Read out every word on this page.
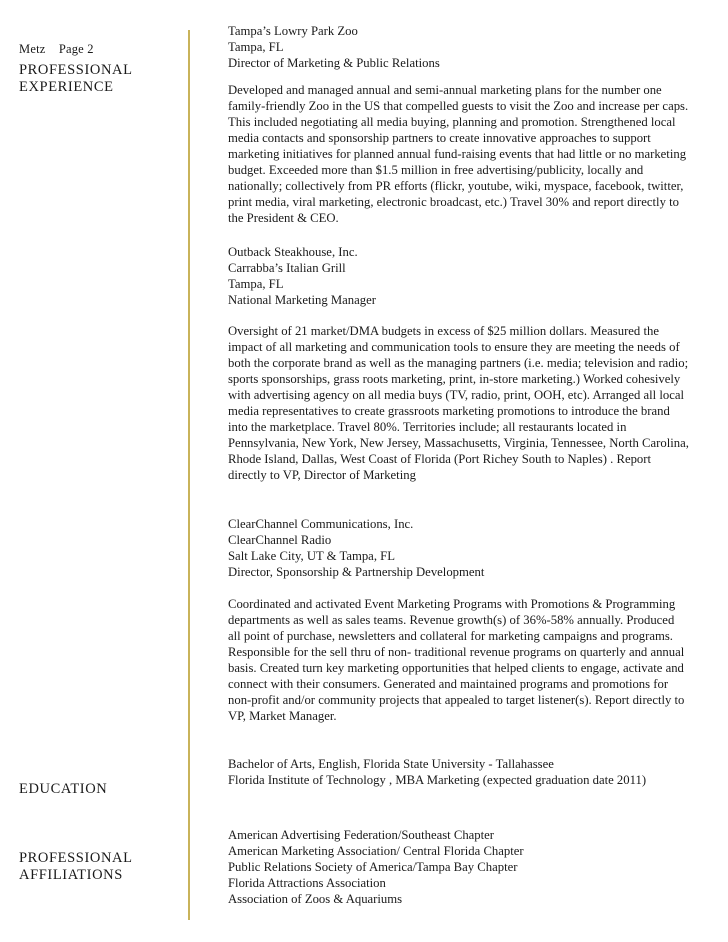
Metz Page 2
PROFESSIONAL
EXPERIENCE
EDUCATION
PROFESSIONAL
AFFILIATIONS
Tampa’s Lowry Park Zoo
Tampa, FL
Director of Marketing & Public Relations
Developed and managed annual and semi-annual marketing plans for the number one family-friendly Zoo in the US that compelled guests to visit the Zoo and increase per caps. This included negotiating all media buying, planning and promotion. Strengthened local media contacts and sponsorship partners to create innovative approaches to support marketing initiatives for planned annual fund-raising events that had little or no marketing budget. Exceeded more than $1.5 million in free advertising/publicity, locally and nationally; collectively from PR efforts (flickr, youtube, wiki, myspace, facebook, twitter, print media, viral marketing, electronic broadcast, etc.) Travel 30% and report directly to the President & CEO.
Outback Steakhouse, Inc.
Carrabba’s Italian Grill
Tampa, FL
National Marketing Manager
Oversight of 21 market/DMA budgets in excess of $25 million dollars. Measured the impact of all marketing and communication tools to ensure they are meeting the needs of both the corporate brand as well as the managing partners (i.e. media; television and radio; sports sponsorships, grass roots marketing, print, in-store marketing.) Worked cohesively with advertising agency on all media buys (TV, radio, print, OOH, etc). Arranged all local media representatives to create grassroots marketing promotions to introduce the brand into the marketplace. Travel 80%. Territories include; all restaurants located in Pennsylvania, New York, New Jersey, Massachusetts, Virginia, Tennessee, North Carolina, Rhode Island, Dallas, West Coast of Florida (Port Richey South to Naples) . Report directly to VP, Director of Marketing
ClearChannel Communications, Inc.
ClearChannel Radio
Salt Lake City, UT & Tampa, FL
Director, Sponsorship & Partnership Development
Coordinated and activated Event Marketing Programs with Promotions & Programming departments as well as sales teams. Revenue growth(s) of 36%-58% annually. Produced all point of purchase, newsletters and collateral for marketing campaigns and programs. Responsible for the sell thru of non- traditional revenue programs on quarterly and annual basis. Created turn key marketing opportunities that helped clients to engage, activate and connect with their consumers. Generated and maintained programs and promotions for non-profit and/or community projects that appealed to target listener(s). Report directly to VP, Market Manager.
Bachelor of Arts, English, Florida State University - Tallahassee
Florida Institute of Technology , MBA Marketing (expected graduation date 2011)
American Advertising Federation/Southeast Chapter
American Marketing Association/ Central Florida Chapter
Public Relations Society of America/Tampa Bay Chapter
Florida Attractions Association
Association of Zoos & Aquariums
